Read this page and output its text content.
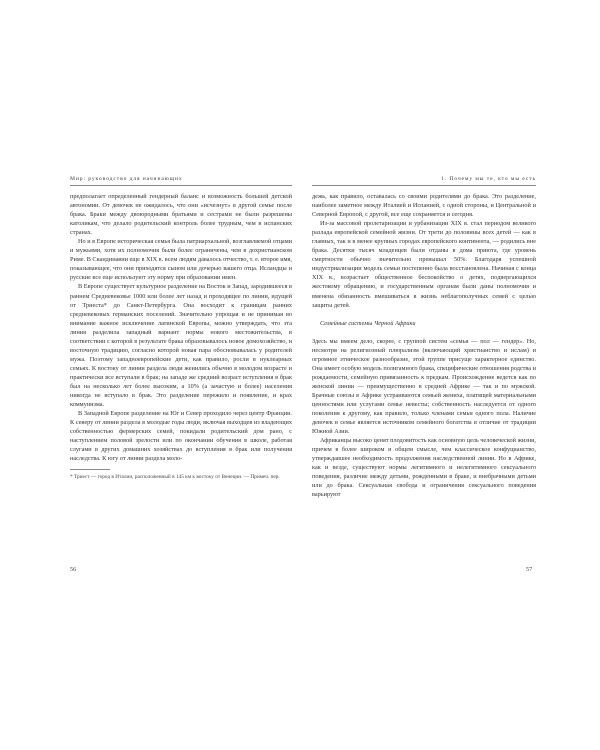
Мир: руководство для начинающих

предполагает определенный гендерный баланс и возможность большей детской автономии. От девочек не ожидалось, что они «исчезнут» в другой семье после брака. Браки между двоюродными братьями и сестрами не были разрешены католикам, что делало родительский контроль более трудным, чем в испанских странах.

Но и в Европе историческая семья была патриархальной, возглавляемой отцами и мужьями, хотя их полномочия были более ограничены, чем в дохристианском Риме. В Скандинавии еще в XIX в. всем людям давалось отчество, т. е. второе имя, показывающее, что они приходятся сыном или дочерью вашего отца. Исландцы и русские все еще используют эту норму при образовании имен.

В Европе существует культурное разделение на Восток и Запад, зародившееся в раннем Средневековье 1000 или более лет назад и проходящее по линии, идущей от Триеста* до Санкт-Петербурга. Она восходит к границам ранних средневековых германских поселений. Значительно упрощая и не принимая во внимание важное исключение латинской Европы, можно утверждать, что эта линия разделила западный вариант нормы нового местожительства, в соответствии с которой в результате брака образовывалось новое домохозяйство, и восточную традицию, согласно которой новая пара обосновывалась у родителей мужа. Поэтому западноевропейские дети, как правило, росли в нуклеарных семьях. К востоку от линии раздела люди женились обычно в молодом возрасте и практически все вступали в брак; на западе же средний возраст вступления в брак был на несколько лет более высоким, а 10% (а зачастую и более) населения никогда не вступало в брак. Это разделение пережило и появление, и крах коммунизма.

В Западной Европе разделение на Юг и Север проходило через центр Франции. К северу от линии раздела в молодые годы люди, включая выходцев из владеющих собственностью фермерских семей, покидали родительский дом рано, с наступлением половой зрелости или по окончании обучения в школе, работая слугами в других домашних хозяйствах до вступления в брак или получения наследства. К югу от линии раздела моло-

* Триест — город в Италии, расположенный в 145 км к востоку от Венеции. — Примеч. пер.
1. Почему мы те, кто мы есть

дежь, как правило, оставалась со своими родителями до брака. Это разделение, наиболее заметное между Италией и Испанией, с одной стороны, и Центральной и Северной Европой, с другой, все еще сохраняется и сегодня.

Из-за массовой пролетаризации и урбанизации XIX в. стал периодом великого разлада европейской семейной жизни. От трети до половины всех детей — как в главных, так и в менее крупных городах европейского континента, — родились вне брака. Десятки тысяч младенцев были отданы в дома приюта, где уровень смертности обычно значительно превышал 50%. Благодаря успешной индустриализации модель семьи постепенно была восстановлена. Начиная с конца XIX в., возрастает общественное беспокойство о детях, подвергающихся жестокому обращению, и государственным органам были даны полномочия и вменена обязанность вмешиваться в жизнь неблагополучных семей с целью защиты детей.

Семейные системы Черной Африки

Здесь мы имеем дело, скорее, с группой систем «семья — пол — гендер». Но, несмотря на религиозный плюрализм (включающий христианство и ислам) и огромное этническое разнообразие, этой группе присуще характерное единство. Она имеет особую модель полигамного брака, специфические отношения родства и рождаемости, семейную привязанность к предкам. Происхождение ведется как по женской линии — преимущественно в средней Африке — так и по мужской. Брачные союзы в Африке устраиваются семьей жениха, платящей материальными ценностями или услугами семье невесты; собственность наследуется от одного поколения к другому, как правило, только членами семьи одного пола. Наличие девочек в семье является источником семейного богатства в отличие от традиции Южной Азии.

Африканцы высоко ценят плодовитость как основную цель человеческой жизни, причем в более широком и общем смысле, чем классическое конфуцианство, утверждавшее необходимость продолжения наследственной линии. Но в Африке, как и везде, существуют нормы легитимного и нелегитимного сексуального поведения, различие между детьми, рожденными в браке, и внебрачными детьми или до брака. Сексуальная свобода и ограничения сексуального поведения варьируют

56	57
